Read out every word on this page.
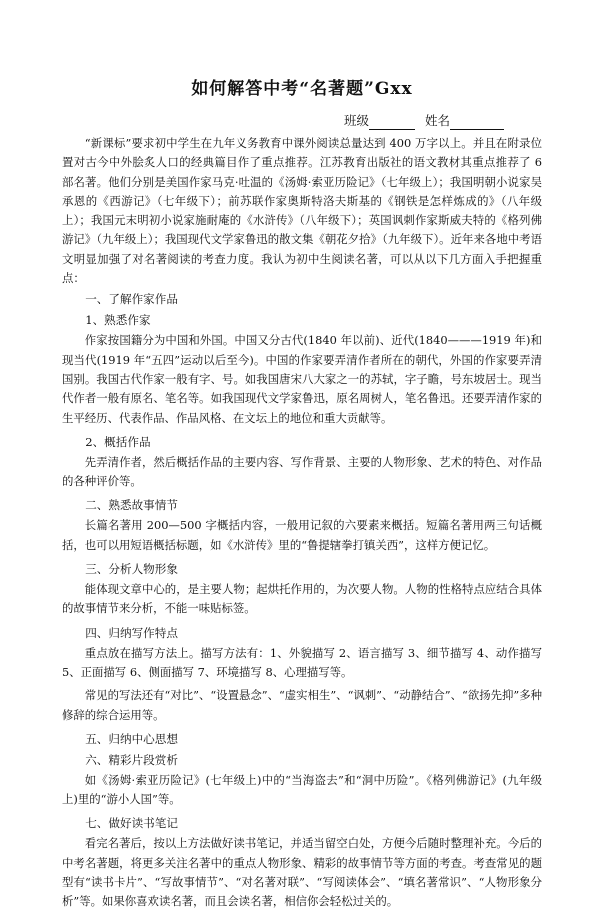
如何解答中考“名著题”Gxx
班级	姓名

“新课标”要求初中学生在九年义务教育中课外阅读总量达到 400 万字以上。并且在附录位置对古今中外脍炙人口的经典篇目作了重点推荐。江苏教育出版社的语文教材其重点推荐了 6 部名著。他们分别是美国作家马克·吐温的《汤姆·索亚历险记》（七年级上）；我国明朝小说家吴承恩的《西游记》（七年级下）；前苏联作家奥斯特洛夫斯基的《钢铁是怎样炼成的》（八年级上）；我国元末明初小说家施耐庵的《水浒传》（八年级下）；英国讽刺作家斯威夫特的《格列佛游记》（九年级上）；我国现代文学家鲁迅的散文集《朝花夕拾》（九年级下）。近年来各地中考语文明显加强了对名著阅读的考查力度。我认为初中生阅读名著，可以从以下几方面入手把握重点：

一、了解作家作品
1、熟悉作家

作家按国籍分为中国和外国。中国又分古代(1840 年以前)、近代(1840———1919 年)和现当代(1919 年“五四”运动以后至今)。中国的作家要弄清作者所在的朝代，外国的作家要弄清国别。我国古代作家一般有字、号。如我国唐宋八大家之一的苏轼，字子瞻，号东坡居士。现当代作者一般有原名、笔名等。如我国现代文学家鲁迅，原名周树人，笔名鲁迅。还要弄清作家的生平经历、代表作品、作品风格、在文坛上的地位和重大贡献等。

2、概括作品

先弄清作者，然后概括作品的主要内容、写作背景、主要的人物形象、艺术的特色、对作品的各种评价等。

二、熟悉故事情节

长篇名著用 200—500 字概括内容，一般用记叙的六要素来概括。短篇名著用两三句话概括，也可以用短语概括标题，如《水浒传》里的“鲁提辖拳打镇关西”，这样方便记忆。

三、分析人物形象

能体现文章中心的，是主要人物；起烘托作用的，为次要人物。人物的性格特点应结合具体的故事情节来分析，不能一味贴标签。

四、归纳写作特点

重点放在描写方法上。描写方法有：1、外貌描写 2、语言描写 3、细节描写 4、动作描写 5、正面描写 6、侧面描写 7、环境描写 8、心理描写等。

常见的写法还有“对比”、“设置悬念”、“虚实相生”、“讽刺”、“动静结合”、“欲扬先抑”多种修辞的综合运用等。

五、归纳中心思想
六、精彩片段赏析

如《汤姆·索亚历险记》(七年级上)中的“当海盗去”和“洞中历险”。《格列佛游记》(九年级上)里的“游小人国”等。

七、做好读书笔记

看完名著后，按以上方法做好读书笔记，并适当留空白处，方便今后随时整理补充。今后的中考名著题，将更多关注名著中的重点人物形象、精彩的故事情节等方面的考查。考查常见的题型有“读书卡片”、“写故事情节”、“对名著对联”、“写阅读体会”、“填名著常识”、“人物形象分析”等。如果你喜欢读名著，而且会读名著，相信你会轻松过关的。
